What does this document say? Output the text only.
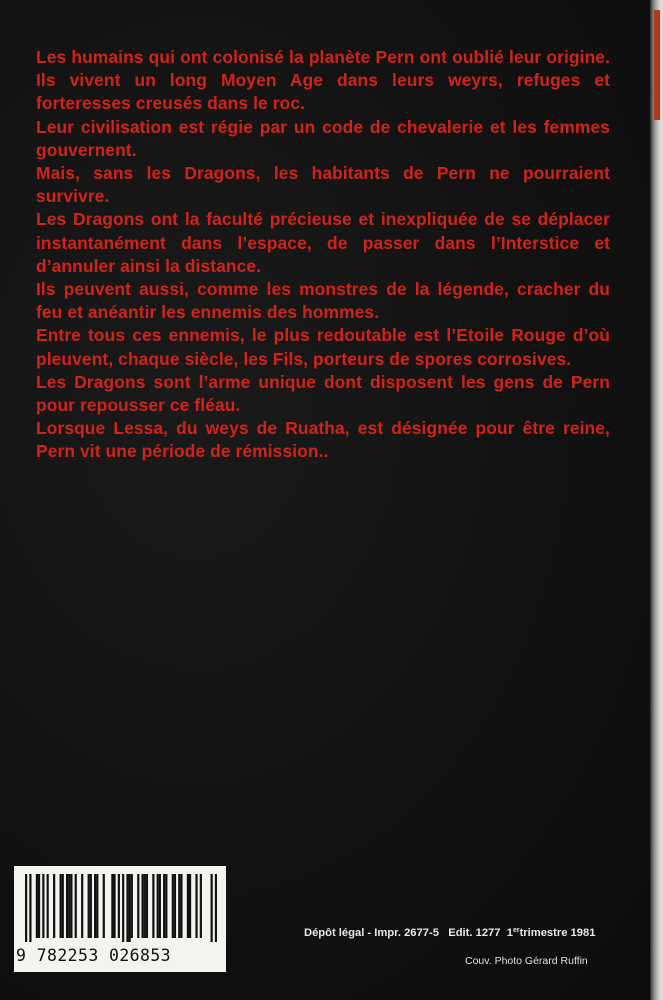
Les humains qui ont colonisé la planète Pern ont oublié leur origine. Ils vivent un long Moyen Age dans leurs weyrs, refuges et forteresses creusés dans le roc.

Leur civilisation est régie par un code de chevalerie et les femmes gouvernent.

Mais, sans les Dragons, les habitants de Pern ne pourraient survivre.

Les Dragons ont la faculté précieuse et inexpliquée de se déplacer instantanément dans l’espace, de passer dans l’Interstice et d’annuler ainsi la distance.

Ils peuvent aussi, comme les monstres de la légende, cracher du feu et anéantir les ennemis des hommes.

Entre tous ces ennemis, le plus redoutable est l’Etoile Rouge d’où pleuvent, chaque siècle, les Fils, porteurs de spores corrosives.

Les Dragons sont l’arme unique dont disposent les gens de Pern pour repousser ce fléau.

Lorsque Lessa, du weys de Ruatha, est désignée pour être reine, Pern vit une période de rémission..

9 782253 026853
Dépôt légal - Impr. 2677-5 Edit. 1277 1ertrimestre 1981
Couv. Photo Gérard Ruffin
